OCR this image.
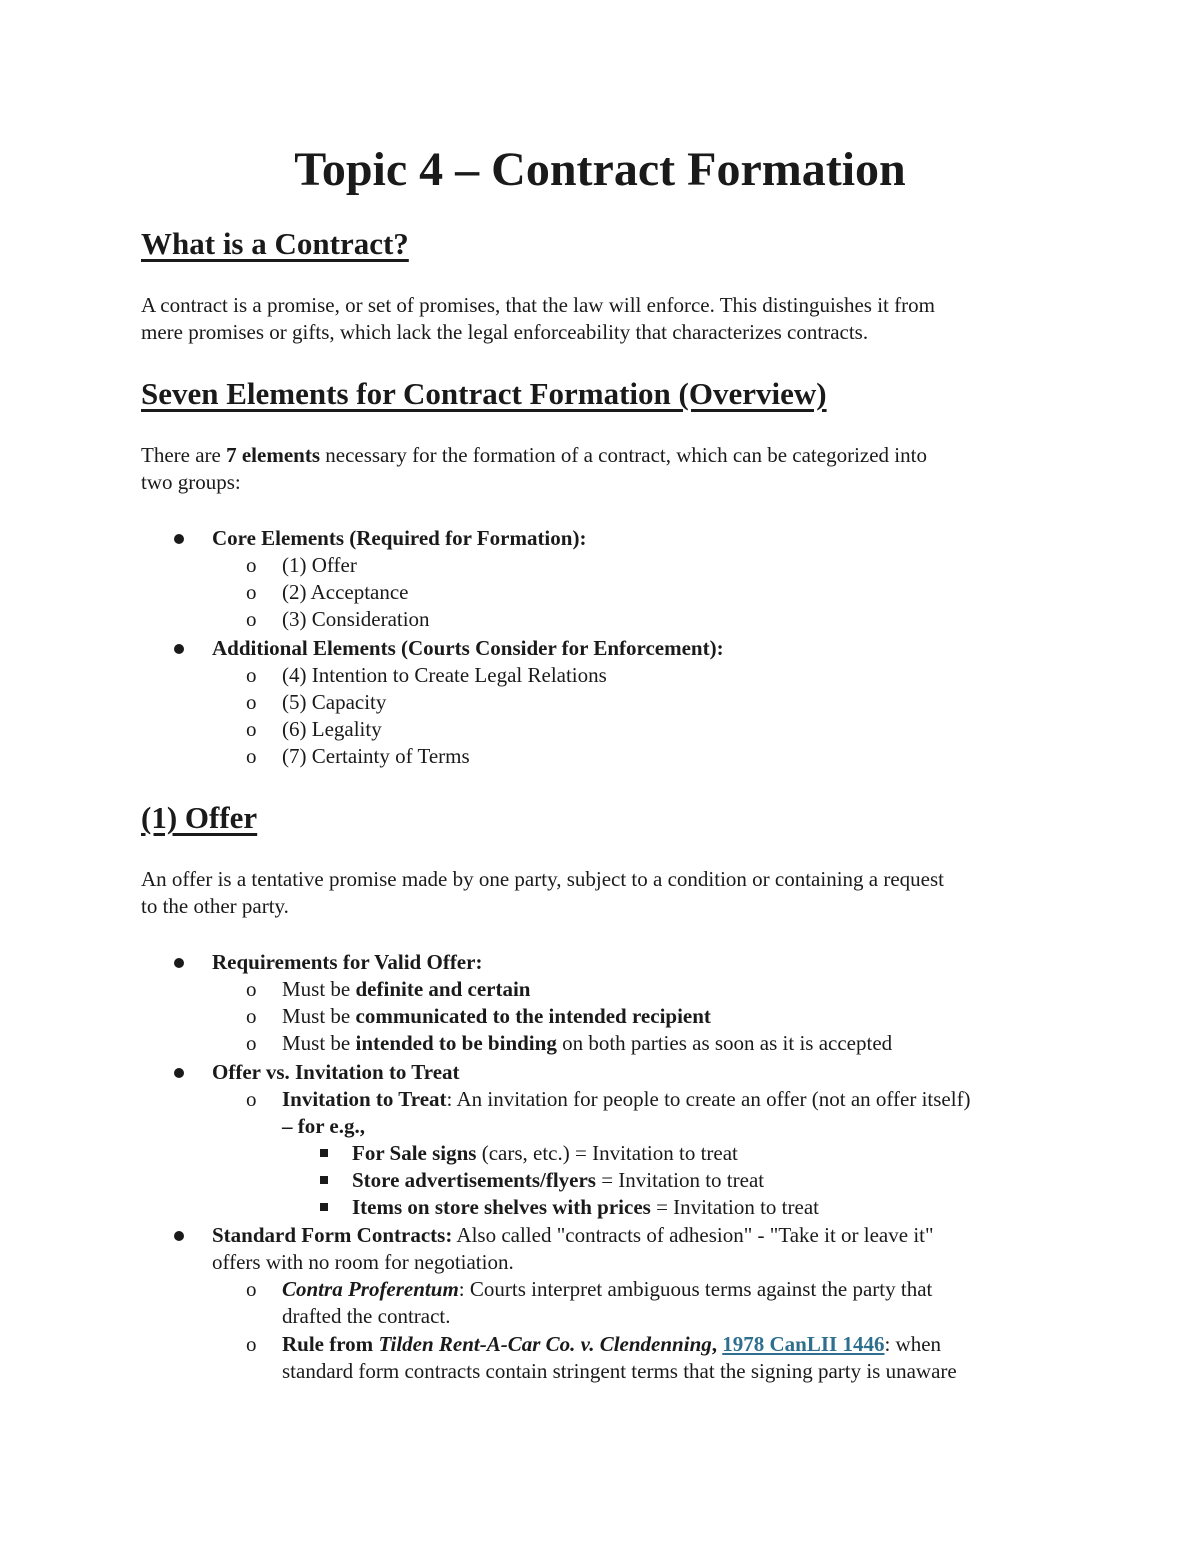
Topic 4 – Contract Formation
What is a Contract?

A contract is a promise, or set of promises, that the law will enforce. This distinguishes it from

mere promises or gifts, which lack the legal enforceability that characterizes contracts.

Seven Elements for Contract Formation (Overview)

There are 7 elements necessary for the formation of a contract, which can be categorized into

two groups:

Core Elements (Required for Formation):

o (1) Offer

o (2) Acceptance

o (3) Consideration

Additional Elements (Courts Consider for Enforcement):

o (4) Intention to Create Legal Relations

o (5) Capacity

o (6) Legality

o (7) Certainty of Terms

(1) Offer

An offer is a tentative promise made by one party, subject to a condition or containing a request

to the other party.

Requirements for Valid Offer:

o Must be definite and certain

o Must be communicated to the intended recipient

o Must be intended to be binding on both parties as soon as it is accepted

Offer vs. Invitation to Treat

o Invitation to Treat: An invitation for people to create an offer (not an offer itself)

– for e.g.,

For Sale signs (cars, etc.) = Invitation to treat

Store advertisements/flyers = Invitation to treat

Items on store shelves with prices = Invitation to treat

Standard Form Contracts: Also called "contracts of adhesion" - "Take it or leave it"

offers with no room for negotiation.

o Contra Proferentum: Courts interpret ambiguous terms against the party that

drafted the contract.

o Rule from Tilden Rent-A-Car Co. v. Clendenning, 1978 CanLII 1446: when

standard form contracts contain stringent terms that the signing party is unaware
